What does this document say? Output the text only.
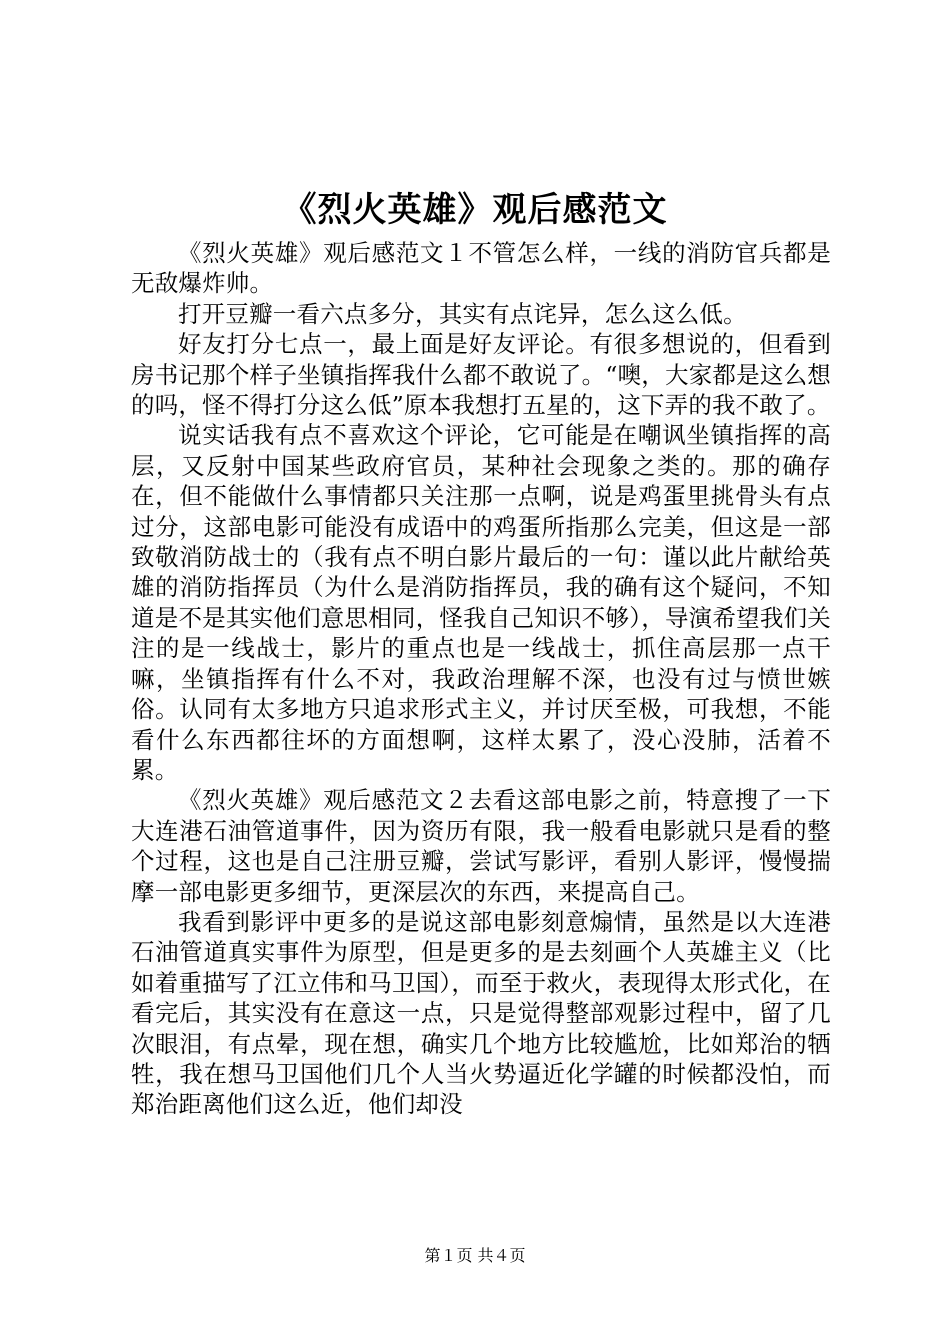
《烈火英雄》观后感范文

《烈火英雄》观后感范文１不管怎么样，一线的消防官兵都是无敌爆炸帅。

打开豆瓣一看六点多分，其实有点诧异，怎么这么低。

好友打分七点一，最上面是好友评论。有很多想说的，但看到房书记那个样子坐镇指挥我什么都不敢说了。“噢，大家都是这么想的吗，怪不得打分这么低”原本我想打五星的，这下弄的我不敢了。

说实话我有点不喜欢这个评论，它可能是在嘲讽坐镇指挥的高层，又反射中国某些政府官员，某种社会现象之类的。那的确存在，但不能做什么事情都只关注那一点啊，说是鸡蛋里挑骨头有点过分，这部电影可能没有成语中的鸡蛋所指那么完美，但这是一部致敬消防战士的（我有点不明白影片最后的一句：谨以此片献给英雄的消防指挥员（为什么是消防指挥员，我的确有这个疑问，不知道是不是其实他们意思相同，怪我自己知识不够），导演希望我们关注的是一线战士，影片的重点也是一线战士，抓住高层那一点干嘛，坐镇指挥有什么不对，我政治理解不深，也没有过与愤世嫉俗。认同有太多地方只追求形式主义，并讨厌至极，可我想，不能看什么东西都往坏的方面想啊，这样太累了，没心没肺，活着不累。

《烈火英雄》观后感范文２去看这部电影之前，特意搜了一下大连港石油管道事件，因为资历有限，我一般看电影就只是看的整个过程，这也是自己注册豆瓣，尝试写影评，看别人影评，慢慢揣摩一部电影更多细节，更深层次的东西，来提高自己。

我看到影评中更多的是说这部电影刻意煽情，虽然是以大连港石油管道真实事件为原型，但是更多的是去刻画个人英雄主义（比如着重描写了江立伟和马卫国），而至于救火，表现得太形式化，在看完后，其实没有在意这一点，只是觉得整部观影过程中，留了几次眼泪，有点晕，现在想，确实几个地方比较尴尬，比如郑治的牺牲，我在想马卫国他们几个人当火势逼近化学罐的时候都没怕，而郑治距离他们这么近，他们却没

第１页 共４页
